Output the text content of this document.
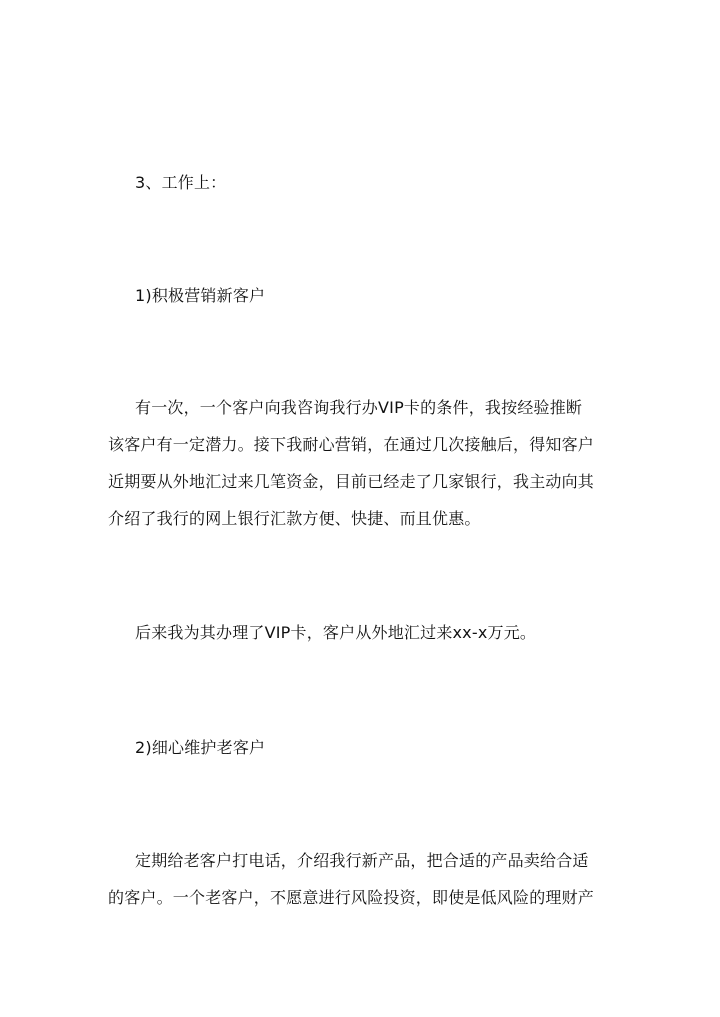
3、工作上：
1)积极营销新客户
有一次，一个客户向我咨询我行办VIP卡的条件，我按经验推断
该客户有一定潜力。接下我耐心营销，在通过几次接触后，得知客户
近期要从外地汇过来几笔资金，目前已经走了几家银行，我主动向其
介绍了我行的网上银行汇款方便、快捷、而且优惠。
后来我为其办理了VIP卡，客户从外地汇过来xx-x万元。
2)细心维护老客户
定期给老客户打电话，介绍我行新产品，把合适的产品卖给合适
的客户。一个老客户，不愿意进行风险投资，即使是低风险的理财产
